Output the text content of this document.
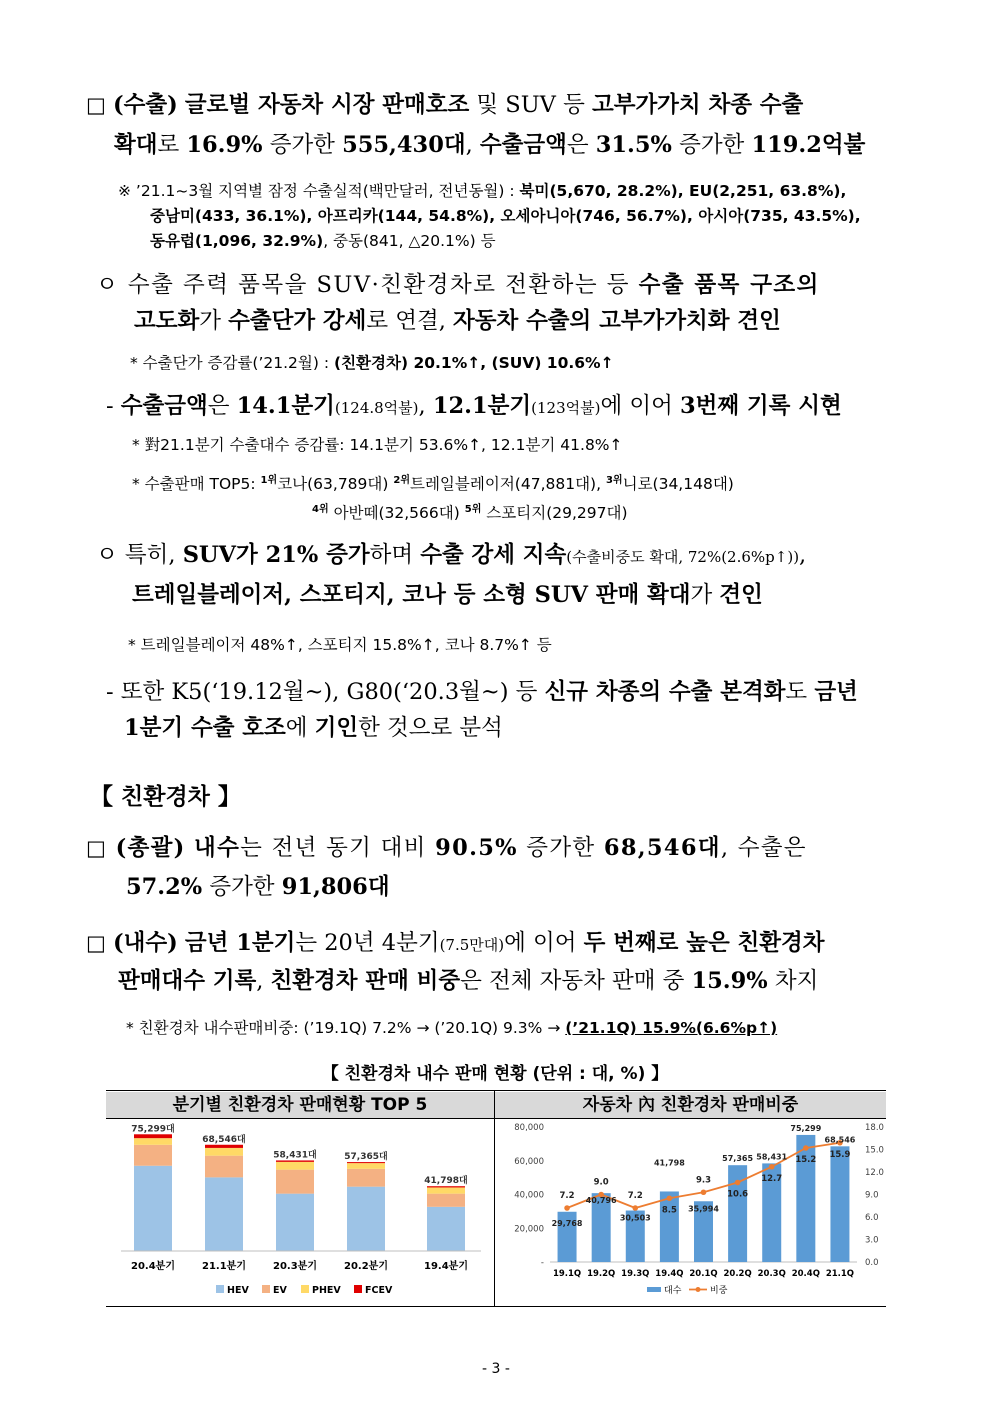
□ (수출) 글로벌 자동차 시장 판매호조 및 SUV 등 고부가가치 차종 수출
확대로 16.9% 증가한 555,430대, 수출금액은 31.5% 증가한 119.2억불
※ ’21.1~3월 지역별 잠정 수출실적(백만달러, 전년동월) : 북미(5,670, 28.2%), EU(2,251, 63.8%),
중남미(433, 36.1%), 아프리카(144, 54.8%), 오세아니아(746, 56.7%), 아시아(735, 43.5%),
동유럽(1,096, 32.9%), 중동(841, △20.1%) 등
ㅇ 수출 주력 품목을 SUV·친환경차로 전환하는 등 수출 품목 구조의
고도화가 수출단가 강세로 연결, 자동차 수출의 고부가가치화 견인
* 수출단가 증감률(’21.2월) : (친환경차) 20.1%↑, (SUV) 10.6%↑
- 수출금액은 14.1분기(124.8억불), 12.1분기(123억불)에 이어 3번째 기록 시현
* 對21.1분기 수출대수 증감률: 14.1분기 53.6%↑, 12.1분기 41.8%↑
* 수출판매 TOP5: $^{1위}$코나(63,789대) $^{2위}$트레일블레이저(47,881대), $^{3위}$니로(34,148대)
$^{4위}$ 아반떼(32,566대) $^{5위}$ 스포티지(29,297대)
ㅇ 특히, SUV가 21% 증가하며 수출 강세 지속(수출비중도 확대, 72%(2.6%p↑)),
트레일블레이저, 스포티지, 코나 등 소형 SUV 판매 확대가 견인
* 트레일블레이저 48%↑, 스포티지 15.8%↑, 코나 8.7%↑ 등
- 또한 K5(‘19.12월~), G80(‘20.3월~) 등 신규 차종의 수출 본격화도 금년
1분기 수출 호조에 기인한 것으로 분석
【 친환경차 】
□ (총괄) 내수는 전년 동기 대비 90.5% 증가한 68,546대, 수출은
57.2% 증가한 91,806대
□ (내수) 금년 1분기는 20년 4분기(7.5만대)에 이어 두 번째로 높은 친환경차
판매대수 기록, 친환경차 판매 비중은 전체 자동차 판매 중 15.9% 차지
* 친환경차 내수판매비중: (’19.1Q) 7.2% → (’20.1Q) 9.3% → (’21.1Q) 15.9%(6.6%p↑)
【 친환경차 내수 판매 현황 (단위 : 대, %) 】
분기별 친환경차 판매현황 TOP 5	자동차 內 친환경차 판매비중
75,299대
20.4분기
68,546대
21.1분기
58,431대
20.3분기
57,365대
20.2분기
41,798대
19.4분기
HEV	EV	PHEV	FCEV
-
20,000
40,000
60,000
80,000
0.0
3.0
6.0
9.0
12.0
15.0
18.0
19.1Q 19.2Q 19.3Q 19.4Q 20.1Q 20.2Q 20.3Q 20.4Q 21.1Q
29,768
40,796
30,503
41,798
35,994
57,365 58,431
75,299
68,546
7.2
9.0
7.2
8.5
9.3
10.6
12.7
15.2
15.9
대수	비중
- 3 -
